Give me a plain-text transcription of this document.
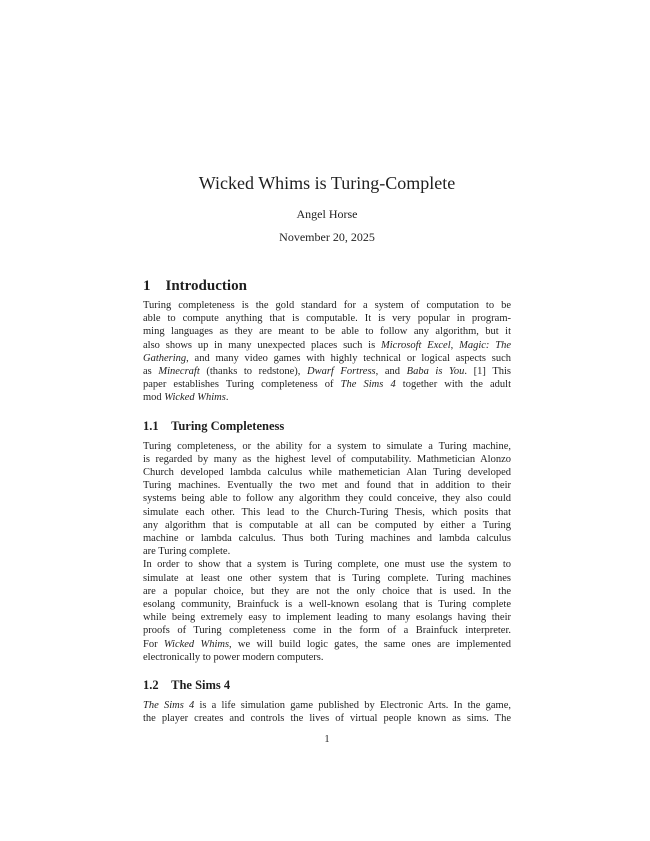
Wicked Whims is Turing-Complete
Angel Horse
November 20, 2025
1 Introduction
Turing completeness is the gold standard for a system of computation to be
able to compute anything that is computable. It is very popular in program-
ming languages as they are meant to be able to follow any algorithm, but it
also shows up in many unexpected places such is Microsoft Excel, Magic: The
Gathering, and many video games with highly technical or logical aspects such
as Minecraft (thanks to redstone), Dwarf Fortress, and Baba is You. [1] This
paper establishes Turing completeness of The Sims 4 together with the adult
mod Wicked Whims.
1.1 Turing Completeness
Turing completeness, or the ability for a system to simulate a Turing machine,
is regarded by many as the highest level of computability. Mathmetician Alonzo
Church developed lambda calculus while mathemetician Alan Turing developed
Turing machines. Eventually the two met and found that in addition to their
systems being able to follow any algorithm they could conceive, they also could
simulate each other. This lead to the Church-Turing Thesis, which posits that
any algorithm that is computable at all can be computed by either a Turing
machine or lambda calculus. Thus both Turing machines and lambda calculus
are Turing complete.
In order to show that a system is Turing complete, one must use the system to
simulate at least one other system that is Turing complete. Turing machines
are a popular choice, but they are not the only choice that is used. In the
esolang community, Brainfuck is a well-known esolang that is Turing complete
while being extremely easy to implement leading to many esolangs having their
proofs of Turing completeness come in the form of a Brainfuck interpreter.
For Wicked Whims, we will build logic gates, the same ones are implemented
electronically to power modern computers.
1.2 The Sims 4
The Sims 4 is a life simulation game published by Electronic Arts. In the game,
the player creates and controls the lives of virtual people known as sims. The
1
